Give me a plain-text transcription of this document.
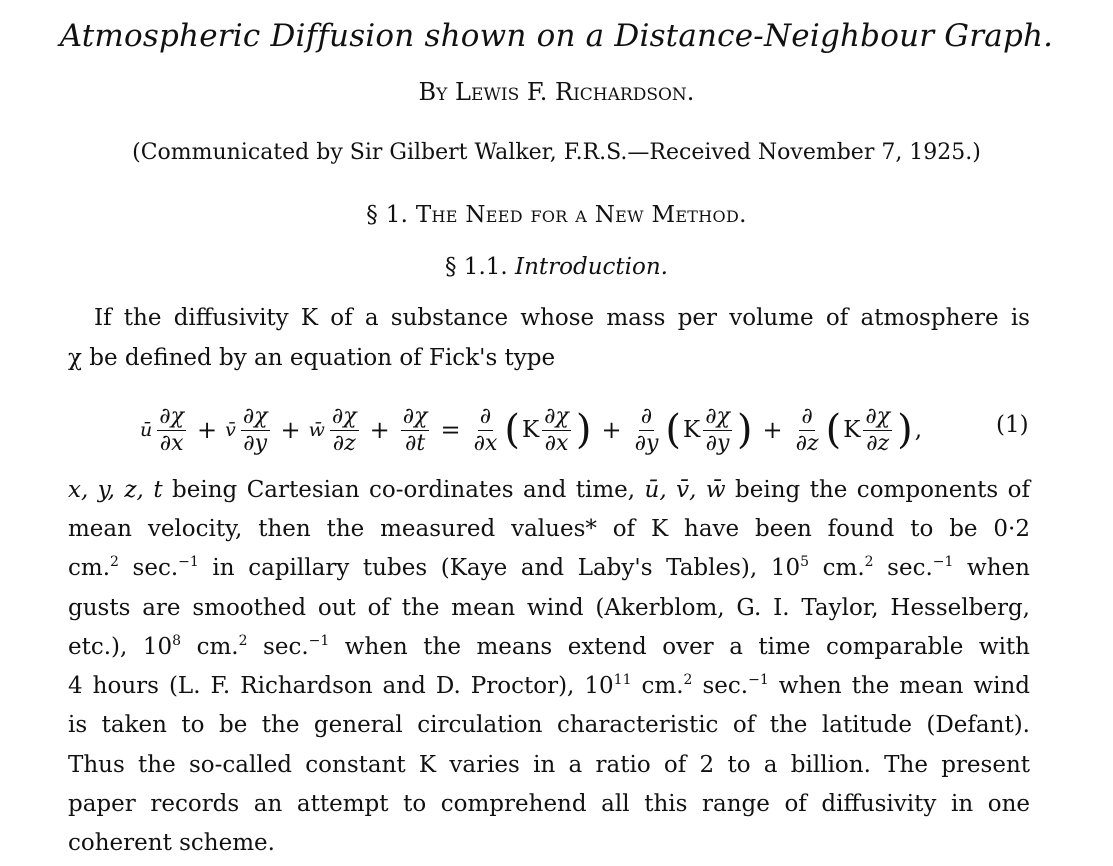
Atmospheric Diffusion shown on a Distance-Neighbour Graph.
By Lewis F. Richardson.
(Communicated by Sir Gilbert Walker, F.R.S.—Received November 7, 1925.)
§ 1. The Need for a New Method.
§ 1.1. Introduction.
If the diffusivity K of a substance whose mass per volume of atmosphere is
χ be defined by an equation of Fick's type
ū $\frac{\partial\chi}{\partial x}$ + v̄ $\frac{\partial\chi}{\partial y}$ + w̄ $\frac{\partial\chi}{\partial z} + \frac{\partial\chi}{\partial t} = \frac{\partial}{\partial x}$ ( K $\frac{\partial\chi}{\partial x}$ ) + $\frac{\partial}{\partial y}$ ( K $\frac{\partial\chi}{\partial y}$ ) + $\frac{\partial}{\partial z}$ ( K $\frac{\partial\chi}{\partial z}$ ) ,	(1)
x, y, z, t being Cartesian co-ordinates and time, ū, v̄, w̄ being the components of
mean velocity, then the measured values* of K have been found to be 0·2
cm.$^2$ sec.$^{-1}$ in capillary tubes (Kaye and Laby's Tables), $10^5$ cm.$^2$ sec.$^{-1}$ when
gusts are smoothed out of the mean wind (Akerblom, G. I. Taylor, Hesselberg,
etc.), $10^8$ cm.$^2$ sec.$^{-1}$ when the means extend over a time comparable with
4 hours (L. F. Richardson and D. Proctor), $10^{11}$ cm.$^2$ sec.$^{-1}$ when the mean wind
is taken to be the general circulation characteristic of the latitude (Defant).
Thus the so-called constant K varies in a ratio of 2 to a billion. The present
paper records an attempt to comprehend all this range of diffusivity in one
coherent scheme.
